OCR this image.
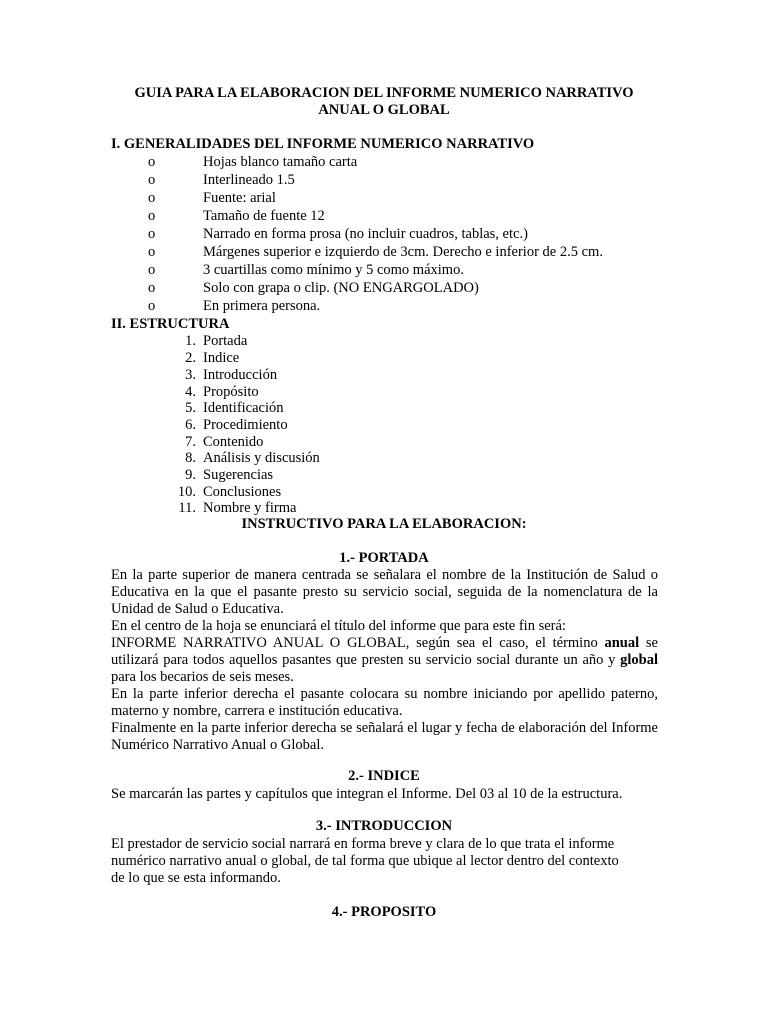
GUIA PARA LA ELABORACION DEL INFORME NUMERICO NARRATIVO
ANUAL O GLOBAL
I. GENERALIDADES DEL INFORME NUMERICO NARRATIVO
o	Hojas blanco tamaño carta
o	Interlineado 1.5
o	Fuente: arial
o	Tamaño de fuente 12
o	Narrado en forma prosa (no incluir cuadros, tablas, etc.)
o	Márgenes superior e izquierdo de 3cm. Derecho e inferior de 2.5 cm.
o	3 cuartillas como mínimo y 5 como máximo.
o	Solo con grapa o clip. (NO ENGARGOLADO)
o	En primera persona.
II. ESTRUCTURA
1. Portada
2. Indice
3. Introducción
4. Propósito
5. Identificación
6. Procedimiento
7. Contenido
8. Análisis y discusión
9. Sugerencias
10. Conclusiones
11. Nombre y firma
INSTRUCTIVO PARA LA ELABORACION:
1.- PORTADA

En la parte superior de manera centrada se señalara el nombre de la Institución de Salud o Educativa en la que el pasante presto su servicio social, seguida de la nomenclatura de la Unidad de Salud o Educativa.

En el centro de la hoja se enunciará el título del informe que para este fin será:

INFORME NARRATIVO ANUAL O GLOBAL, según sea el caso, el término anual se utilizará para todos aquellos pasantes que presten su servicio social durante un año y global para los becarios de seis meses.

En la parte inferior derecha el pasante colocara su nombre iniciando por apellido paterno, materno y nombre, carrera e institución educativa.

Finalmente en la parte inferior derecha se señalará el lugar y fecha de elaboración del Informe Numérico Narrativo Anual o Global.

2.- INDICE

Se marcarán las partes y capítulos que integran el Informe. Del 03 al 10 de la estructura.

3.- INTRODUCCION

El prestador de servicio social narrará en forma breve y clara de lo que trata el informe

numérico narrativo anual o global, de tal forma que ubique al lector dentro del contexto

de lo que se esta informando.

4.- PROPOSITO
